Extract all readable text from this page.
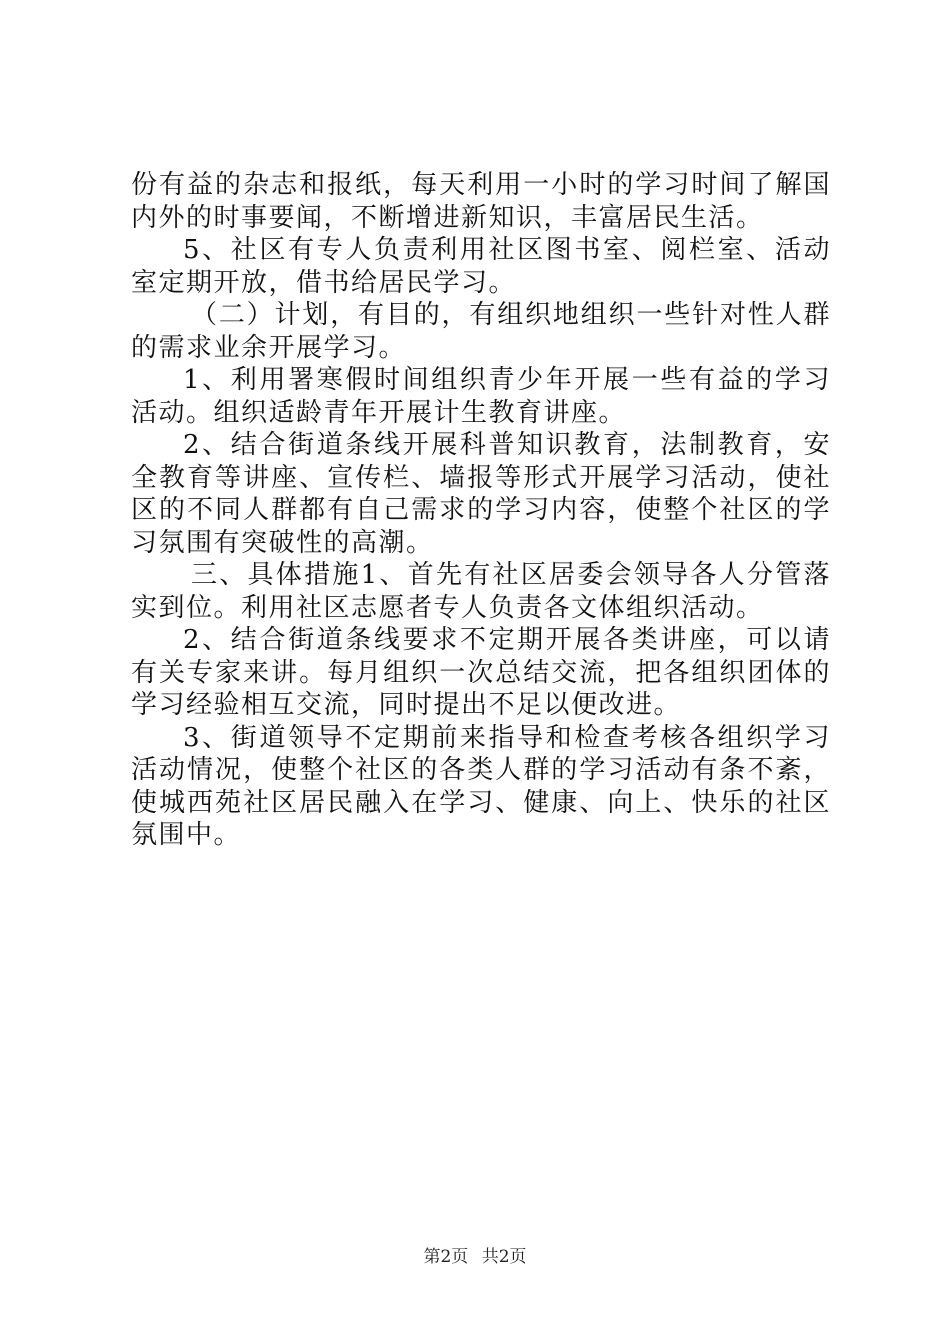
份有益的杂志和报纸，每天利用一小时的学习时间了解国内外的时事要闻，不断增进新知识，丰富居民生活。

5、社区有专人负责利用社区图书室、阅栏室、活动室定期开放，借书给居民学习。

（二）计划，有目的，有组织地组织一些针对性人群的需求业余开展学习。

1、利用署寒假时间组织青少年开展一些有益的学习活动。组织适龄青年开展计生教育讲座。

2、结合街道条线开展科普知识教育，法制教育，安全教育等讲座、宣传栏、墙报等形式开展学习活动，使社区的不同人群都有自己需求的学习内容，使整个社区的学习氛围有突破性的高潮。

三、具体措施1、首先有社区居委会领导各人分管落实到位。利用社区志愿者专人负责各文体组织活动。

2、结合街道条线要求不定期开展各类讲座，可以请有关专家来讲。每月组织一次总结交流，把各组织团体的学习经验相互交流，同时提出不足以便改进。

3、街道领导不定期前来指导和检查考核各组织学习活动情况，使整个社区的各类人群的学习活动有条不紊，使城西苑社区居民融入在学习、健康、向上、快乐的社区氛围中。

第2页 共2页
